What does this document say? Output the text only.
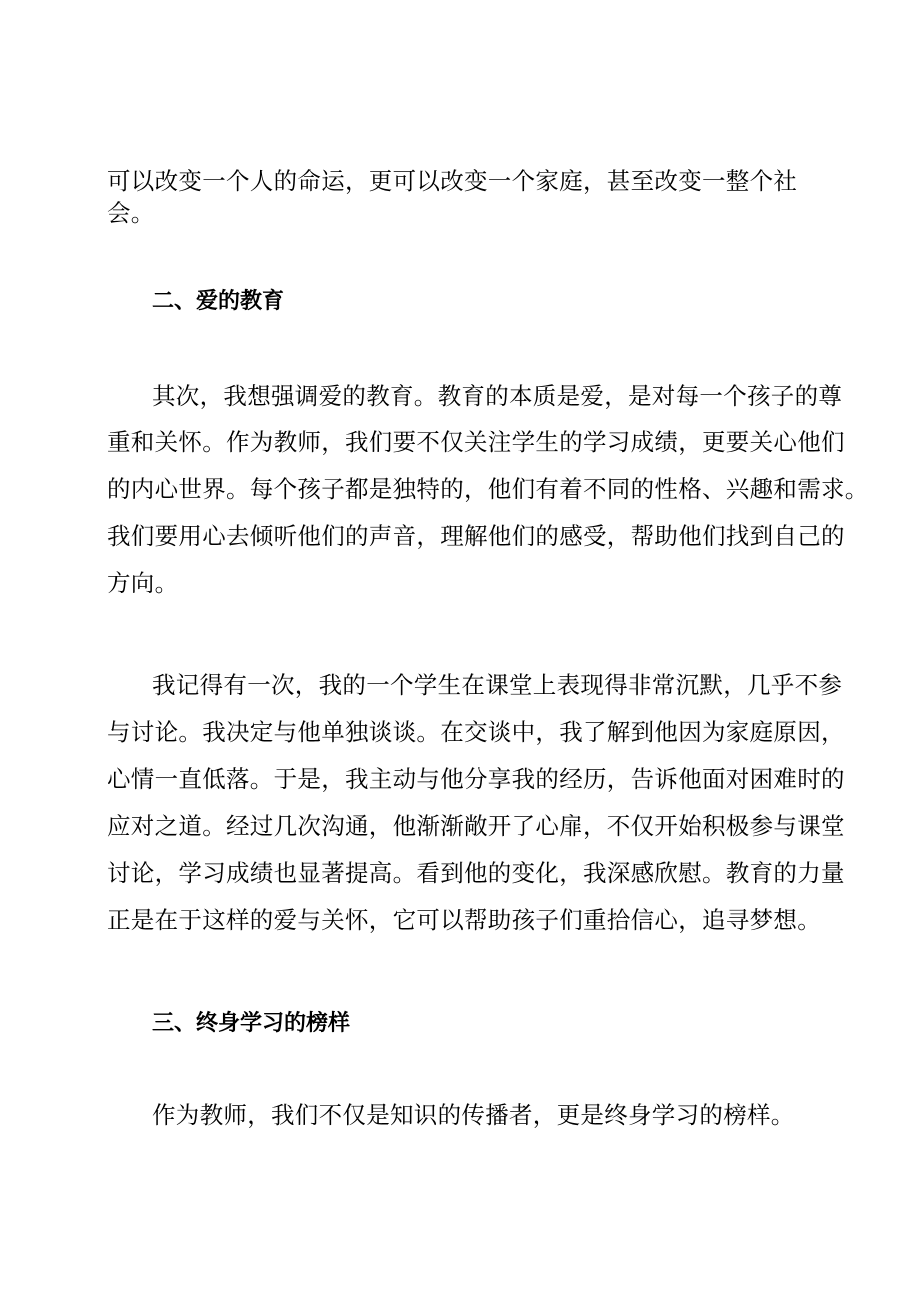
可以改变一个人的命运，更可以改变一个家庭，甚至改变一整个社
会。
二、爱的教育
其次，我想强调爱的教育。教育的本质是爱，是对每一个孩子的尊
重和关怀。作为教师，我们要不仅关注学生的学习成绩，更要关心他们
的内心世界。每个孩子都是独特的，他们有着不同的性格、兴趣和需求。
我们要用心去倾听他们的声音，理解他们的感受，帮助他们找到自己的
方向。
我记得有一次，我的一个学生在课堂上表现得非常沉默，几乎不参
与讨论。我决定与他单独谈谈。在交谈中，我了解到他因为家庭原因，
心情一直低落。于是，我主动与他分享我的经历，告诉他面对困难时的
应对之道。经过几次沟通，他渐渐敞开了心扉，不仅开始积极参与课堂
讨论，学习成绩也显著提高。看到他的变化，我深感欣慰。教育的力量
正是在于这样的爱与关怀，它可以帮助孩子们重拾信心，追寻梦想。
三、终身学习的榜样
作为教师，我们不仅是知识的传播者，更是终身学习的榜样。
